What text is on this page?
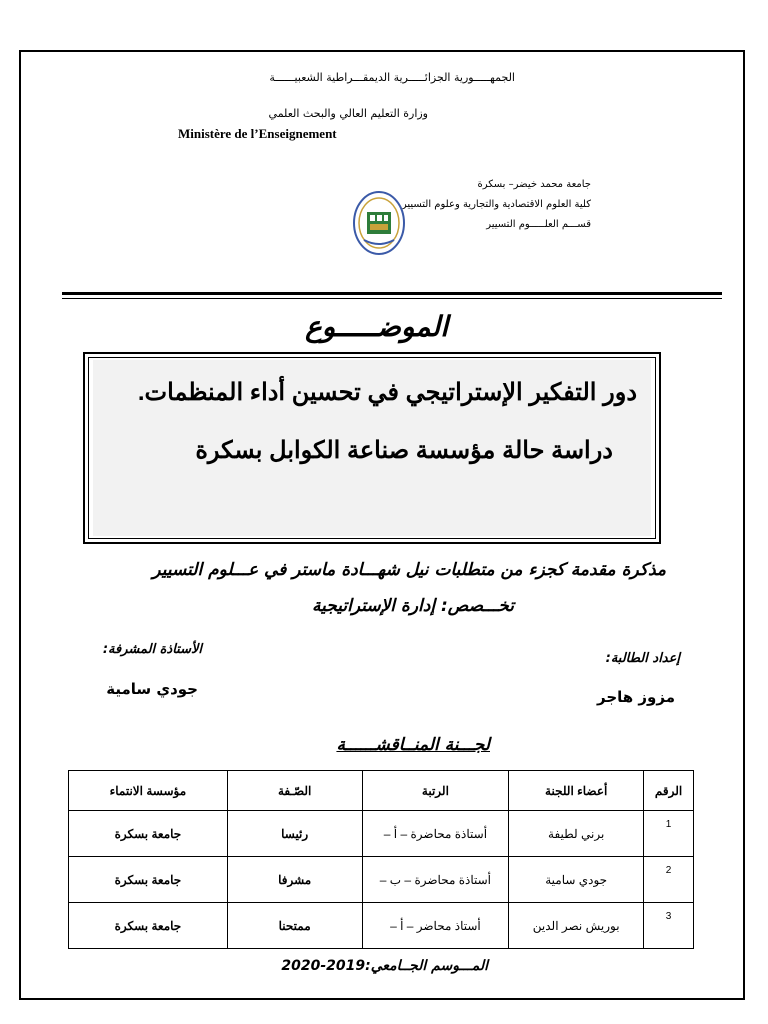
الجمهـــــورية الجزائـــــرية الديمقـــراطية الشعبيــــــة
وزارة التعليم العالي والبحث العلمي
Ministère de l’Enseignement
جامعة محمد خيضر– بسكرة
كلية العلوم الاقتصادية والتجارية وعلوم التسيير
قســـم العلـــــوم التسيير
الموضـــــوع
دور التفكير الإستراتيجي في تحسين أداء المنظمات.
دراسة حالة مؤسسة صناعة الكوابل بسكرة
مذكرة مقدمة كجزء من متطلبات نيل شهـــادة ماستر في عـــلوم التسيير
تخـــصص: إدارة الإستراتيجية
الأستاذة المشرفة:
جودي سامية
إعداد الطالبة:
مزوز هاجر
لجـــنة المنــاقشــــــة
الرقم	أعضاء اللجنة	الرتبة	الصّـفة	مؤسسة الانتماء
1	برني لطيفة	أستاذة محاضرة – أ –	رئيسا	جامعة بسكرة
2	جودي سامية	أستاذة محاضرة – ب –	مشرفا	جامعة بسكرة
3	بوريش نصر الدين	أستاذ محاضر – أ –	ممتحنا	جامعة بسكرة
المـــوسم الجــامعي:2019-2020
